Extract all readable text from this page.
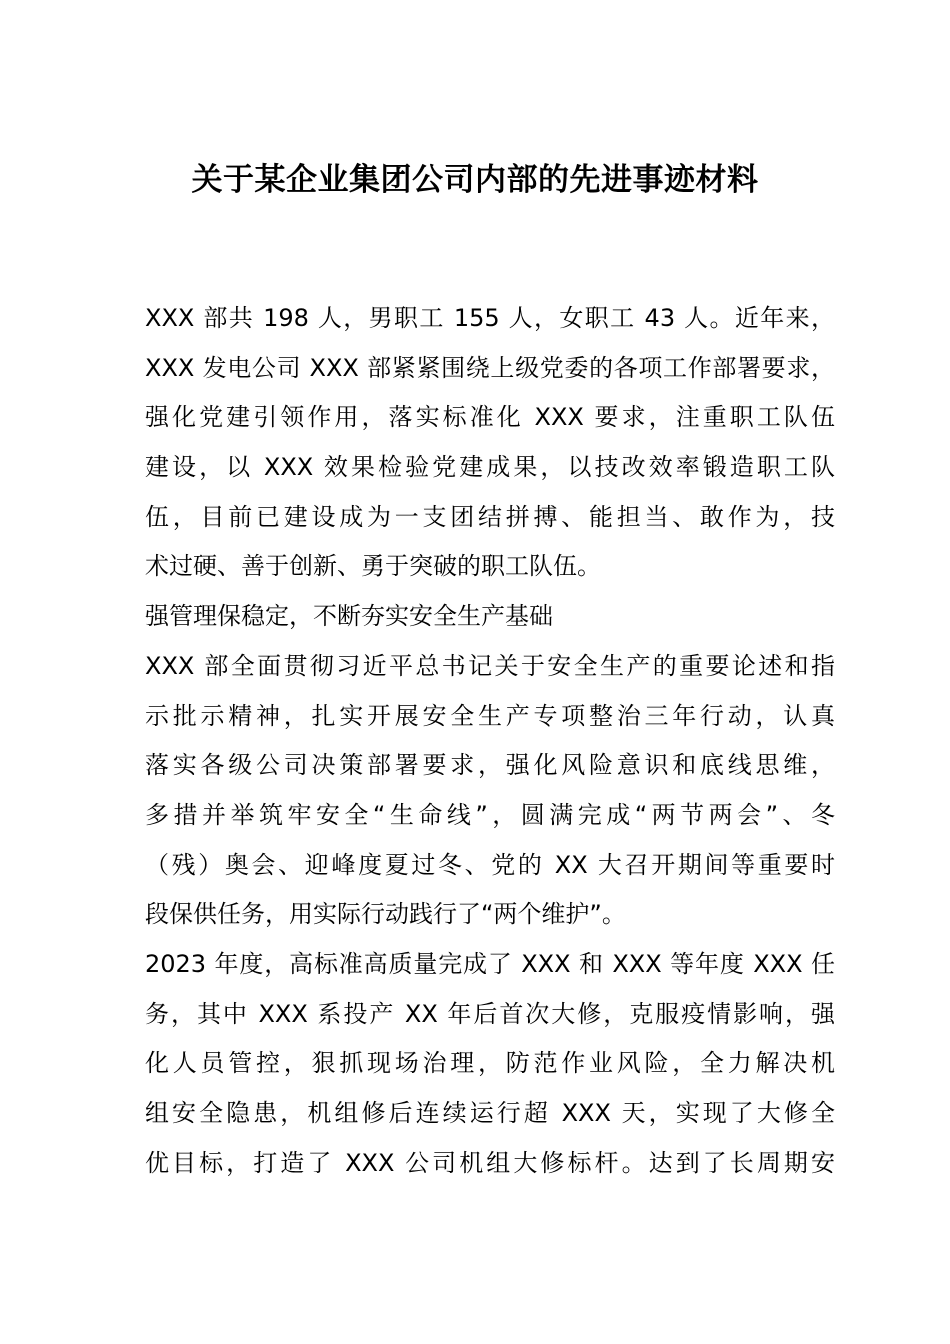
关于某企业集团公司内部的先进事迹材料
XXX 部共 198 人，男职工 155 人，女职工 43 人。近年来，
XXX 发电公司 XXX 部紧紧围绕上级党委的各项工作部署要求，
强化党建引领作用，落实标准化 XXX 要求，注重职工队伍
建设，以 XXX 效果检验党建成果，以技改效率锻造职工队
伍，目前已建设成为一支团结拼搏、能担当、敢作为，技
术过硬、善于创新、勇于突破的职工队伍。
强管理保稳定，不断夯实安全生产基础
XXX 部全面贯彻习近平总书记关于安全生产的重要论述和指
示批示精神，扎实开展安全生产专项整治三年行动，认真
落实各级公司决策部署要求，强化风险意识和底线思维，
多措并举筑牢安全“生命线”，圆满完成“两节两会”、冬
（残）奥会、迎峰度夏过冬、党的 XX 大召开期间等重要时
段保供任务，用实际行动践行了“两个维护”。
2023 年度，高标准高质量完成了 XXX 和 XXX 等年度 XXX 任
务，其中 XXX 系投产 XX 年后首次大修，克服疫情影响，强
化人员管控，狠抓现场治理，防范作业风险，全力解决机
组安全隐患，机组修后连续运行超 XXX 天，实现了大修全
优目标，打造了 XXX 公司机组大修标杆。达到了长周期安
